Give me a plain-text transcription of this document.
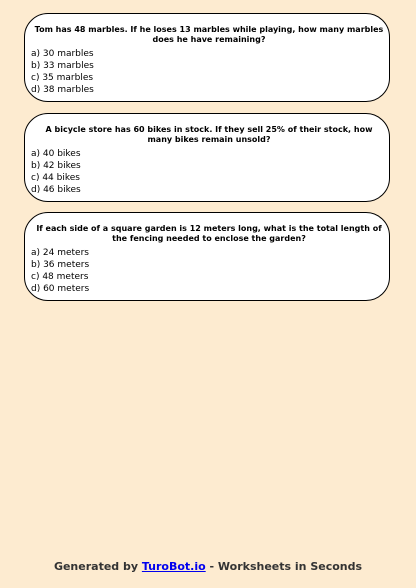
Tom has 48 marbles. If he loses 13 marbles while playing, how many marbles does he have remaining?
a) 30 marbles
b) 33 marbles
c) 35 marbles
d) 38 marbles
A bicycle store has 60 bikes in stock. If they sell 25% of their stock, how many bikes remain unsold?
a) 40 bikes
b) 42 bikes
c) 44 bikes
d) 46 bikes
If each side of a square garden is 12 meters long, what is the total length of the fencing needed to enclose the garden?
a) 24 meters
b) 36 meters
c) 48 meters
d) 60 meters
Generated by TuroBot.io - Worksheets in Seconds
